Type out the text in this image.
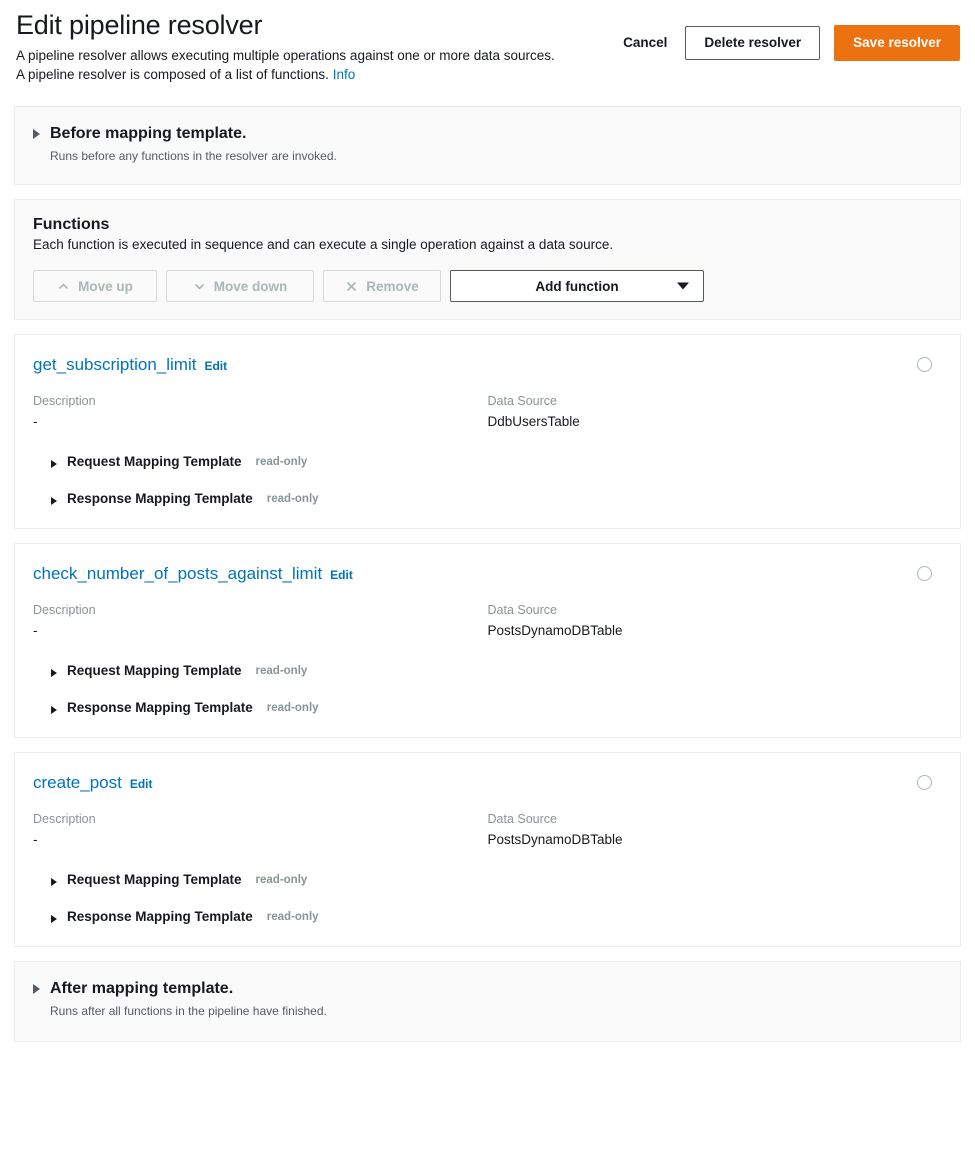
Edit pipeline resolver

A pipeline resolver allows executing multiple operations against one or more data sources. A pipeline resolver is composed of a list of functions. Info

Cancel	Delete resolver	Save resolver
Before mapping template.
Runs before any functions in the resolver are invoked.
Functions

Each function is executed in sequence and can execute a single operation against a data source.

Move up	Move down	Remove	Add function
get_subscription_limit Edit
Description
-
Data Source
DdbUsersTable
Request Mapping Template read-only
Response Mapping Template read-only
check_number_of_posts_against_limit Edit
Description
-
Data Source
PostsDynamoDBTable
Request Mapping Template read-only
Response Mapping Template read-only
create_post Edit
Description
-
Data Source
PostsDynamoDBTable
Request Mapping Template read-only
Response Mapping Template read-only
After mapping template.
Runs after all functions in the pipeline have finished.
